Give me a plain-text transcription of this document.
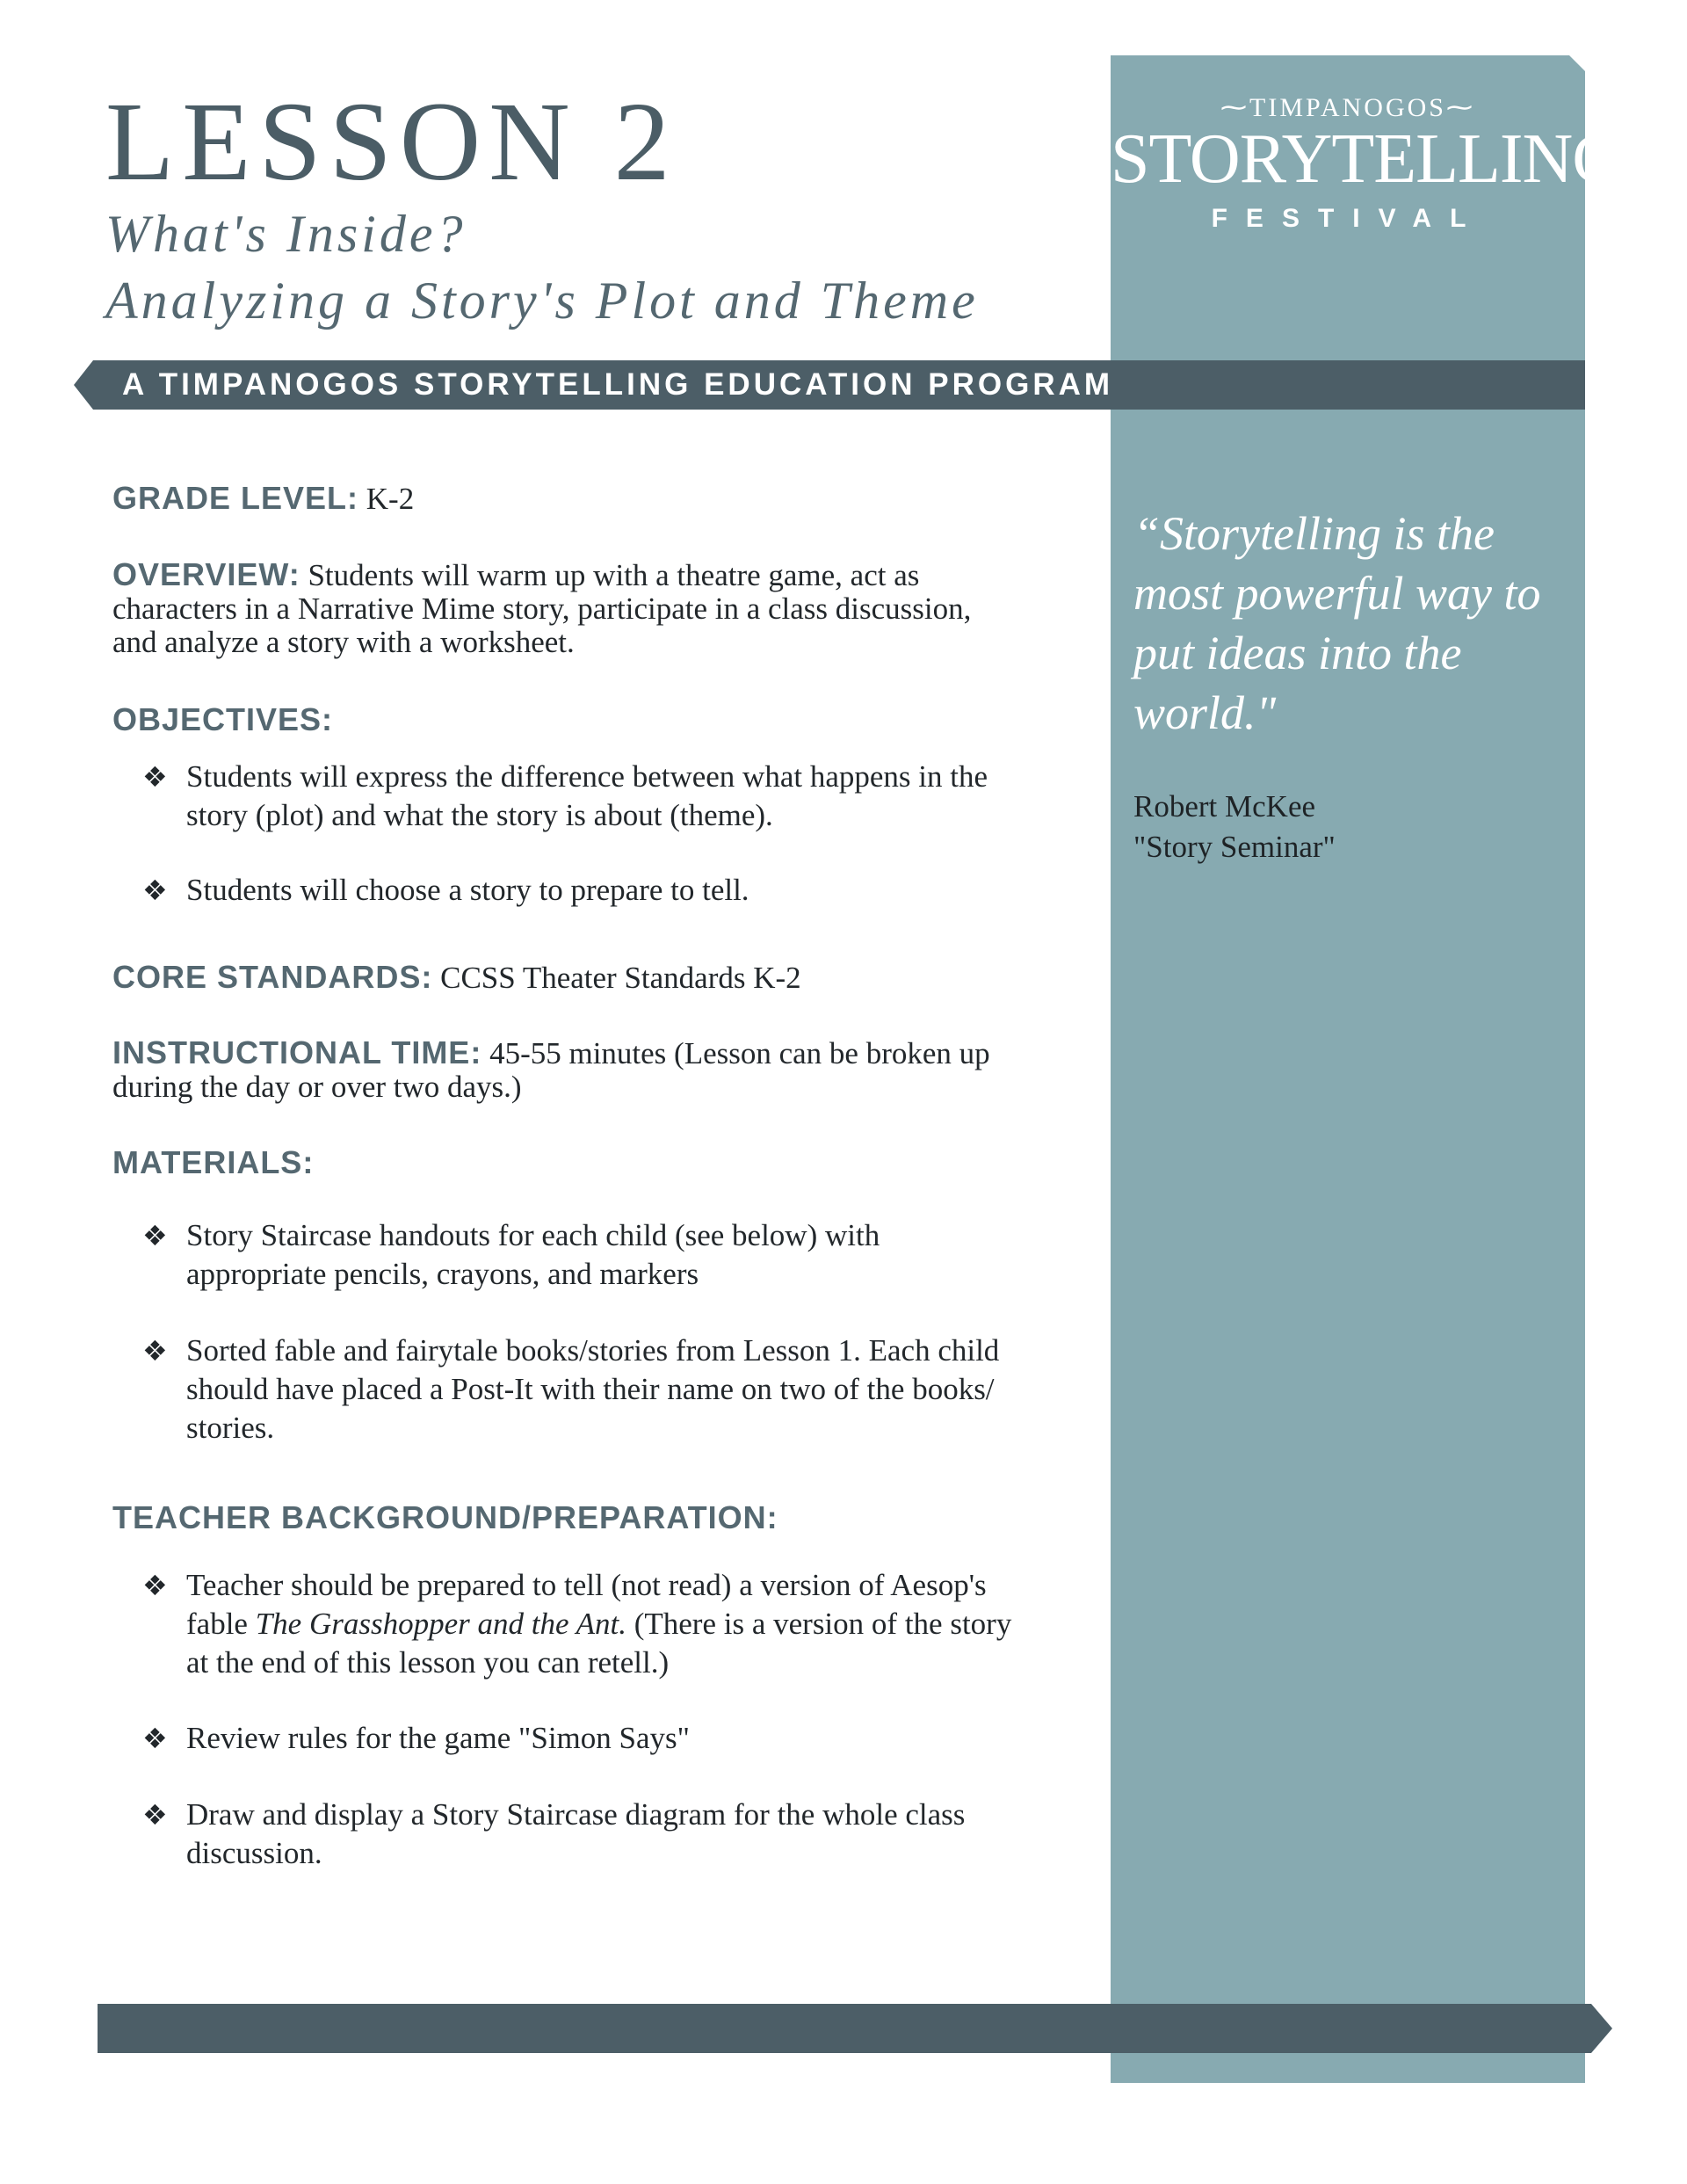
⁓TIMPANOGOS⁓
STORYTELLING
FESTIVAL
“Storytelling is the most powerful way to put ideas into the world."
Robert McKee
"Story Seminar"
LESSON 2
What's Inside?
Analyzing a Story's Plot and Theme
A TIMPANOGOS STORYTELLING EDUCATION PROGRAM
GRADE LEVEL: K-2
OVERVIEW: Students will warm up with a theatre game, act as
characters in a Narrative Mime story, participate in a class discussion,
and analyze a story with a worksheet.
OBJECTIVES:
❖ Students will express the difference between what happens in the
story (plot) and what the story is about (theme).
❖ Students will choose a story to prepare to tell.
CORE STANDARDS: CCSS Theater Standards K-2
INSTRUCTIONAL TIME: 45-55 minutes (Lesson can be broken up
during the day or over two days.)
MATERIALS:
❖ Story Staircase handouts for each child (see below) with
appropriate pencils, crayons, and markers
❖ Sorted fable and fairytale books/stories from Lesson 1. Each child
should have placed a Post-It with their name on two of the books/
stories.
TEACHER BACKGROUND/PREPARATION:
❖ Teacher should be prepared to tell (not read) a version of Aesop's
fable The Grasshopper and the Ant. (There is a version of the story
at the end of this lesson you can retell.)
❖ Review rules for the game "Simon Says"
❖ Draw and display a Story Staircase diagram for the whole class
discussion.
